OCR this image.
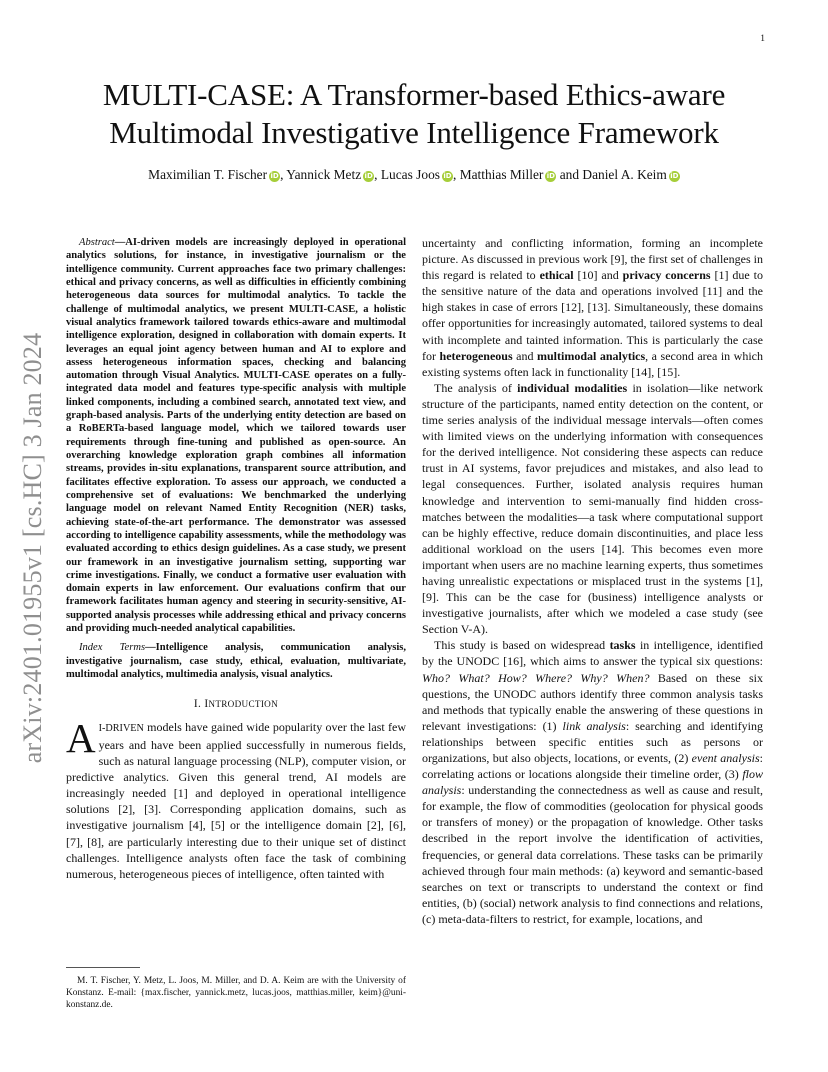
1
arXiv:2401.01955v1 [cs.HC] 3 Jan 2024
MULTI-CASE: A Transformer-based Ethics-aware
Multimodal Investigative Intelligence Framework
Maximilian T. Fischer iD, Yannick Metz iD, Lucas Joos iD, Matthias Miller iD and Daniel A. Keim iD

Abstract—AI-driven models are increasingly deployed in operational analytics solutions, for instance, in investigative journalism or the intelligence community. Current approaches face two primary challenges: ethical and privacy concerns, as well as difficulties in efficiently combining heterogeneous data sources for multimodal analytics. To tackle the challenge of multimodal analytics, we present MULTI-CASE, a holistic visual analytics framework tailored towards ethics-aware and multimodal intelligence exploration, designed in collaboration with domain experts. It leverages an equal joint agency between human and AI to explore and assess heterogeneous information spaces, checking and balancing automation through Visual Analytics. MULTI-CASE operates on a fully-integrated data model and features type-specific analysis with multiple linked components, including a combined search, annotated text view, and graph-based analysis. Parts of the underlying entity detection are based on a RoBERTa-based language model, which we tailored towards user requirements through fine-tuning and published as open-source. An overarching knowledge exploration graph combines all information streams, provides in-situ explanations, transparent source attribution, and facilitates effective exploration. To assess our approach, we conducted a comprehensive set of evaluations: We benchmarked the underlying language model on relevant Named Entity Recognition (NER) tasks, achieving state-of-the-art performance. The demonstrator was assessed according to intelligence capability assessments, while the methodology was evaluated according to ethics design guidelines. As a case study, we present our framework in an investigative journalism setting, supporting war crime investigations. Finally, we conduct a formative user evaluation with domain experts in law enforcement. Our evaluations confirm that our framework facilitates human agency and steering in security-sensitive, AI-supported analysis processes while addressing ethical and privacy concerns and providing much-needed analytical capabilities.

Index Terms—Intelligence analysis, communication analysis, investigative journalism, case study, ethical, evaluation, multivariate, multimodal analytics, multimedia analysis, visual analytics.

I. INTRODUCTION

A I-DRIVEN models have gained wide popularity over the last few years and have been applied successfully in numerous fields, such as natural language processing (NLP), computer vision, or predictive analytics. Given this general trend, AI models are increasingly needed [1] and deployed in operational intelligence solutions [2], [3]. Corresponding application domains, such as investigative journalism [4], [5] or the intelligence domain [2], [6], [7], [8], are particularly interesting due to their unique set of distinct challenges. Intelligence analysts often face the task of combining numerous, heterogeneous pieces of intelligence, often tainted with

M. T. Fischer, Y. Metz, L. Joos, M. Miller, and D. A. Keim are with the University of Konstanz. E-mail: {max.fischer, yannick.metz, lucas.joos, matthias.miller, keim}@uni-konstanz.de.

uncertainty and conflicting information, forming an incomplete picture. As discussed in previous work [9], the first set of challenges in this regard is related to ethical [10] and privacy concerns [1] due to the sensitive nature of the data and operations involved [11] and the high stakes in case of errors [12], [13]. Simultaneously, these domains offer opportunities for increasingly automated, tailored systems to deal with incomplete and tainted information. This is particularly the case for heterogeneous and multimodal analytics, a second area in which existing systems often lack in functionality [14], [15].

The analysis of individual modalities in isolation—like network structure of the participants, named entity detection on the content, or time series analysis of the individual message intervals—often comes with limited views on the underlying information with consequences for the derived intelligence. Not considering these aspects can reduce trust in AI systems, favor prejudices and mistakes, and also lead to legal consequences. Further, isolated analysis requires human knowledge and intervention to semi-manually find hidden cross-matches between the modalities—a task where computational support can be highly effective, reduce domain discontinuities, and place less additional workload on the users [14]. This becomes even more important when users are no machine learning experts, thus sometimes having unrealistic expectations or misplaced trust in the systems [1], [9]. This can be the case for (business) intelligence analysts or investigative journalists, after which we modeled a case study (see Section V-A).

This study is based on widespread tasks in intelligence, identified by the UNODC [16], which aims to answer the typical six questions: Who? What? How? Where? Why? When? Based on these six questions, the UNODC authors identify three common analysis tasks and methods that typically enable the answering of these questions in relevant investigations: (1) link analysis: searching and identifying relationships between specific entities such as persons or organizations, but also objects, locations, or events, (2) event analysis: correlating actions or locations alongside their timeline order, (3) flow analysis: understanding the connectedness as well as cause and result, for example, the flow of commodities (geolocation for physical goods or transfers of money) or the propagation of knowledge. Other tasks described in the report involve the identification of activities, frequencies, or general data correlations. These tasks can be primarily achieved through four main methods: (a) keyword and semantic-based searches on text or transcripts to understand the context or find entities, (b) (social) network analysis to find connections and relations, (c) meta-data-filters to restrict, for example, locations, and
